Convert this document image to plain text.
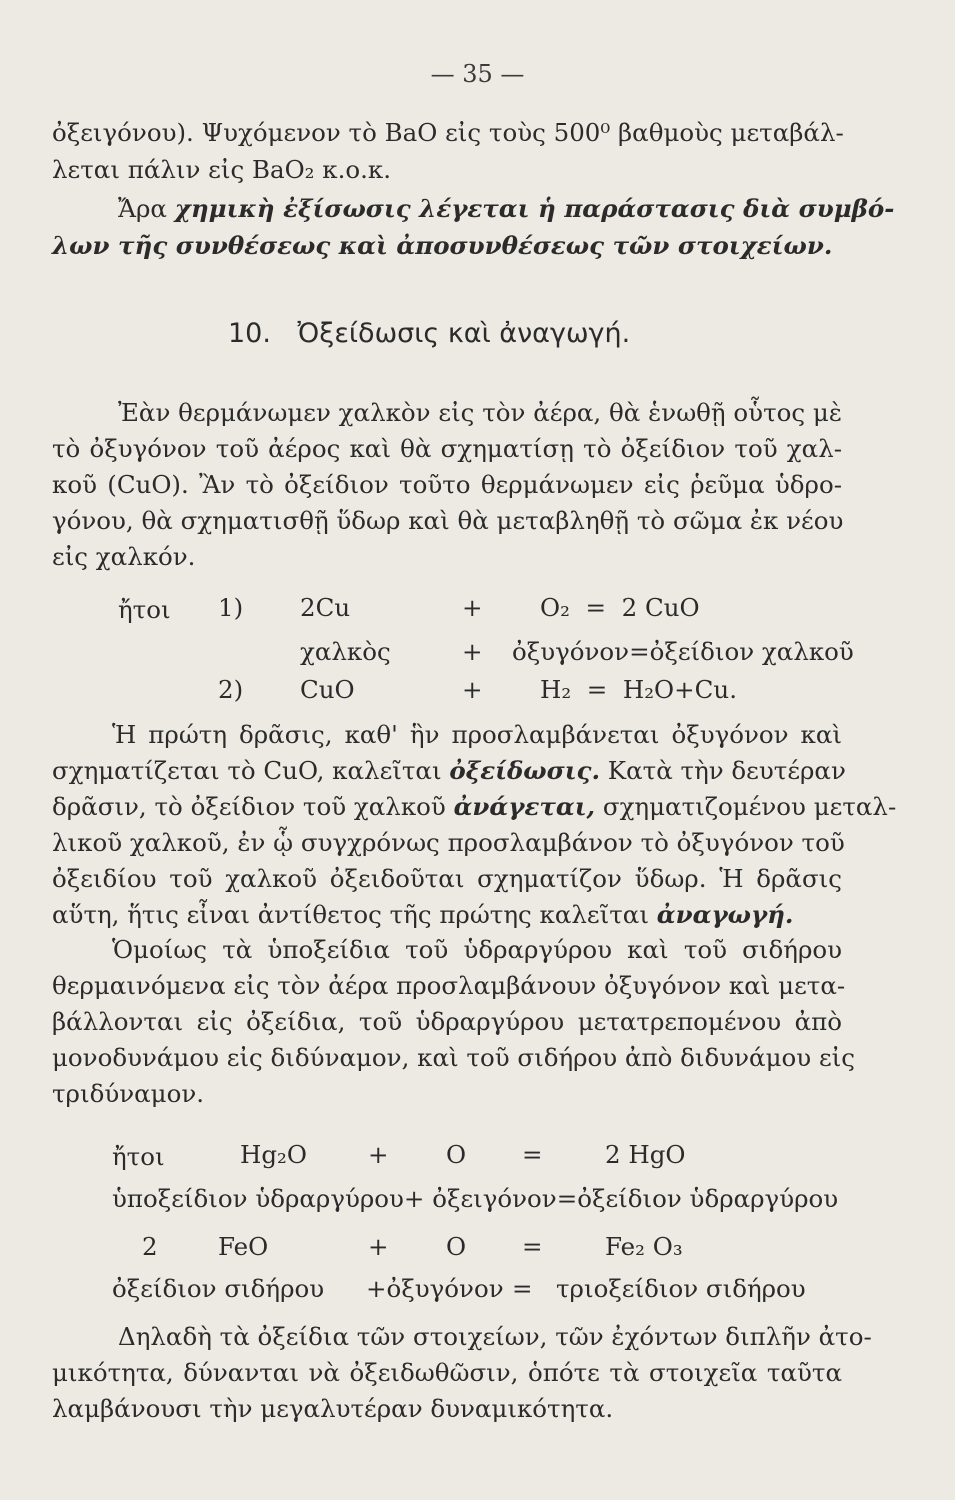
— 35 —
ὀξειγόνου). Ψυχόμενον τὸ BaO εἰς τοὺς 500⁰ βαθμοὺς μεταβάλ-
λεται πάλιν εἰς BaO₂ κ.ο.κ.
Ἄρα χημικὴ ἐξίσωσις λέγεται ἡ παράστασις διὰ συμβό-
λων τῆς συνθέσεως καὶ ἀποσυνθέσεως τῶν στοιχείων.
10. Ὀξείδωσις καὶ ἀναγωγή.
Ἐὰν θερμάνωμεν χαλκὸν εἰς τὸν ἀέρα, θὰ ἑνωθῇ οὗτος μὲ
τὸ ὀξυγόνον τοῦ ἀέρος καὶ θὰ σχηματίσῃ τὸ ὀξείδιον τοῦ χαλ-
κοῦ (CuO). Ἂν τὸ ὀξείδιον τοῦτο θερμάνωμεν εἰς ῥεῦμα ὑδρο-
γόνου, θὰ σχηματισθῇ ὕδωρ καὶ θὰ μεταβληθῇ τὸ σῶμα ἐκ νέου
εἰς χαλκόν.
ἤτοι 1) 2Cu	+ O₂  =  2 CuO
χαλκὸς	+ ὀξυγόνον=ὀξείδιον χαλκοῦ
2) CuO	+ H₂  =  H₂O+Cu.
Ἡ πρώτη δρᾶσις, καθ' ἣν προσλαμβάνεται ὀξυγόνον καὶ
σχηματίζεται τὸ CuO, καλεῖται ὀξείδωσις. Κατὰ τὴν δευτέραν
δρᾶσιν, τὸ ὀξείδιον τοῦ χαλκοῦ ἀνάγεται, σχηματιζομένου μεταλ-
λικοῦ χαλκοῦ, ἐν ᾧ συγχρόνως προσλαμβάνον τὸ ὀξυγόνον τοῦ
ὀξειδίου τοῦ χαλκοῦ ὀξειδοῦται σχηματίζον ὕδωρ. Ἡ δρᾶσις
αὕτη, ἥτις εἶναι ἀντίθετος τῆς πρώτης καλεῖται ἀναγωγή.
Ὁμοίως τὰ ὑποξείδια τοῦ ὑδραργύρου καὶ τοῦ σιδήρου
θερμαινόμενα εἰς τὸν ἀέρα προσλαμβάνουν ὀξυγόνον καὶ μετα-
βάλλονται εἰς ὀξείδια, τοῦ ὑδραργύρου μετατρεπομένου ἀπὸ
μονοδυνάμου εἰς διδύναμον, καὶ τοῦ σιδήρου ἀπὸ διδυνάμου εἰς
τριδύναμον.
ἤτοι	Hg₂O + O =	2 HgO
ὑποξείδιον ὑδραργύρου+ ὀξειγόνον=ὀξείδιον ὑδραργύρου
2 FeO	+ O =	Fe₂ O₃
ὀξείδιον σιδήρου +ὀξυγόνον = τριοξείδιον σιδήρου
Δηλαδὴ τὰ ὀξείδια τῶν στοιχείων, τῶν ἐχόντων διπλῆν ἀτο-
μικότητα, δύνανται νὰ ὀξειδωθῶσιν, ὁπότε τὰ στοιχεῖα ταῦτα
λαμβάνουσι τὴν μεγαλυτέραν δυναμικότητα.
